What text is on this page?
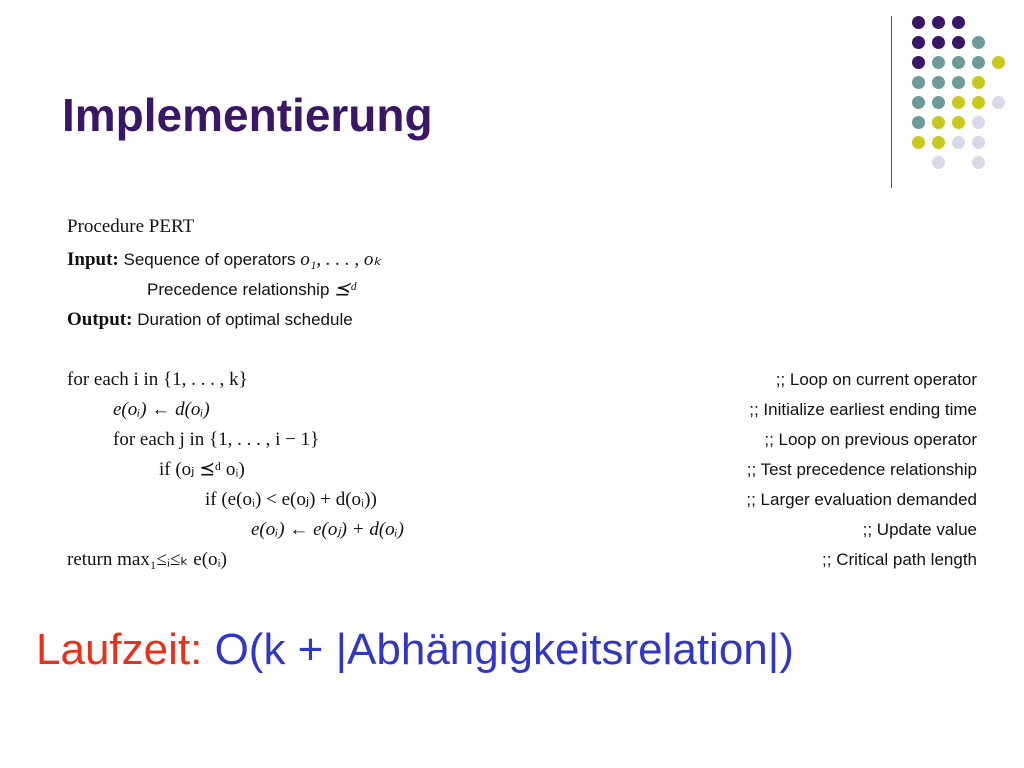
Implementierung
Procedure PERT
Input: Sequence of operators o₁, . . . , oₖ
Precedence relationship ⪯ᵈ
Output: Duration of optimal schedule
for each i in {1, . . . , k}	;; Loop on current operator
e(oᵢ) ← d(oᵢ)	;; Initialize earliest ending time
for each j in {1, . . . , i − 1}	;; Loop on previous operator
if (oⱼ ⪯ᵈ oᵢ)	;; Test precedence relationship
if (e(oᵢ) < e(oⱼ) + d(oᵢ))	;; Larger evaluation demanded
e(oᵢ) ← e(oⱼ) + d(oᵢ)	;; Update value
return max₁≤ᵢ≤ₖ e(oᵢ)	;; Critical path length
Laufzeit: O(k + |Abhängigkeitsrelation|)
